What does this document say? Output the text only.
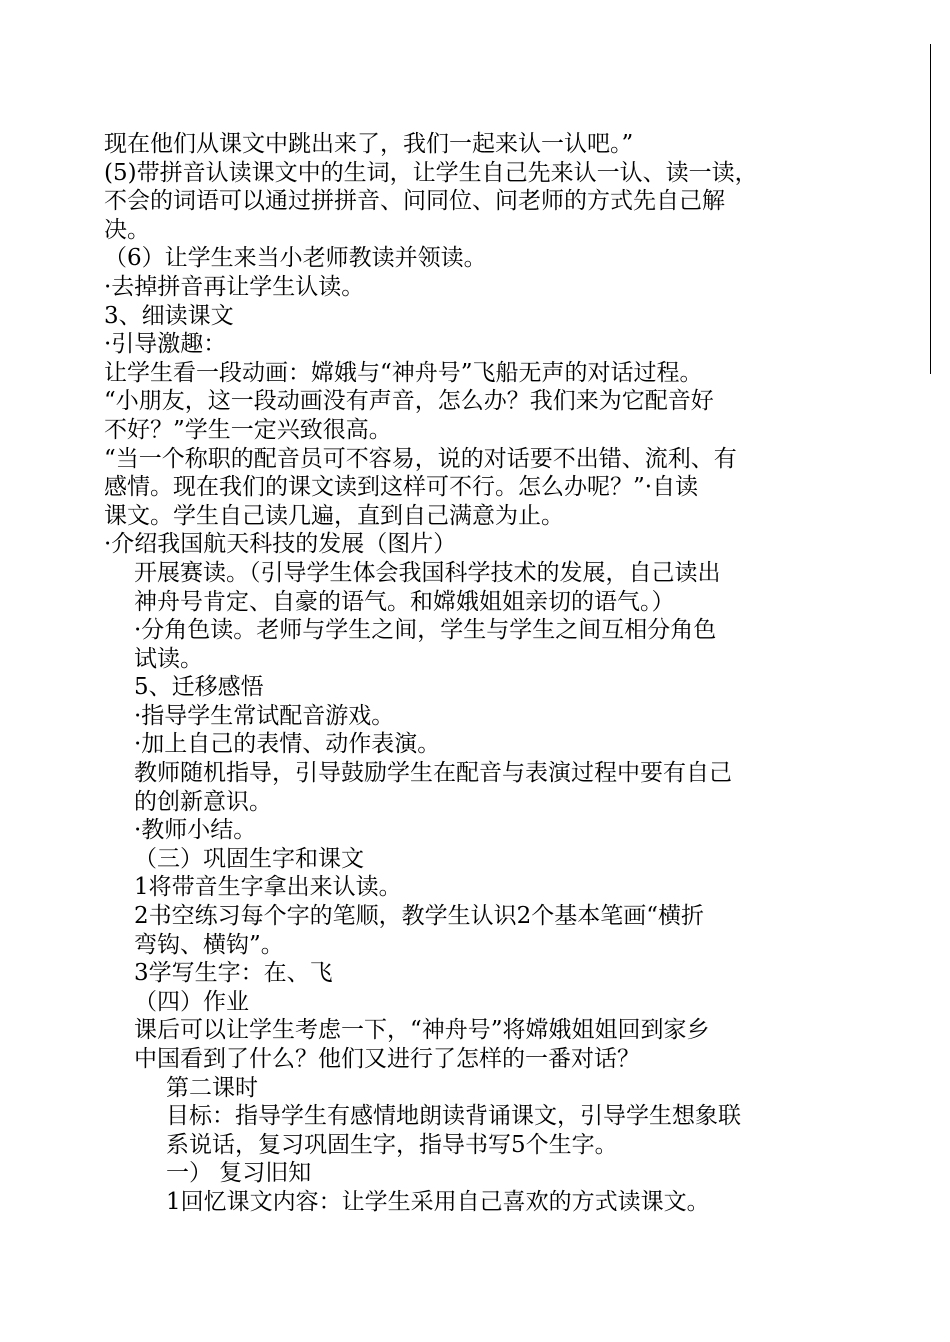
现在他们从课文中跳出来了，我们一起来认一认吧。”
(5)带拼音认读课文中的生词，让学生自己先来认一认、读一读，
不会的词语可以通过拼拼音、问同位、问老师的方式先自己解
决。
（6）让学生来当小老师教读并领读。
·去掉拼音再让学生认读。
3、细读课文
·引导激趣：
让学生看一段动画：嫦娥与“神舟号”飞船无声的对话过程。
“小朋友，这一段动画没有声音，怎么办？我们来为它配音好
不好？”学生一定兴致很高。
“当一个称职的配音员可不容易，说的对话要不出错、流利、有
感情。现在我们的课文读到这样可不行。怎么办呢？”·自读
课文。学生自己读几遍，直到自己满意为止。
·介绍我国航天科技的发展（图片）
开展赛读。（引导学生体会我国科学技术的发展，自己读出
神舟号肯定、自豪的语气。和嫦娥姐姐亲切的语气。）
·分角色读。老师与学生之间，学生与学生之间互相分角色
试读。
5、迁移感悟
·指导学生常试配音游戏。
·加上自己的表情、动作表演。
教师随机指导，引导鼓励学生在配音与表演过程中要有自己
的创新意识。
·教师小结。
（三）巩固生字和课文
1将带音生字拿出来认读。
2书空练习每个字的笔顺，教学生认识2个基本笔画“横折
弯钩、横钩”。
3学写生字：在、飞
（四）作业
课后可以让学生考虑一下，“神舟号”将嫦娥姐姐回到家乡
中国看到了什么？他们又进行了怎样的一番对话？
第二课时
目标：指导学生有感情地朗读背诵课文，引导学生想象联
系说话，复习巩固生字，指导书写5个生字。
一） 复习旧知
1回忆课文内容：让学生采用自己喜欢的方式读课文。
